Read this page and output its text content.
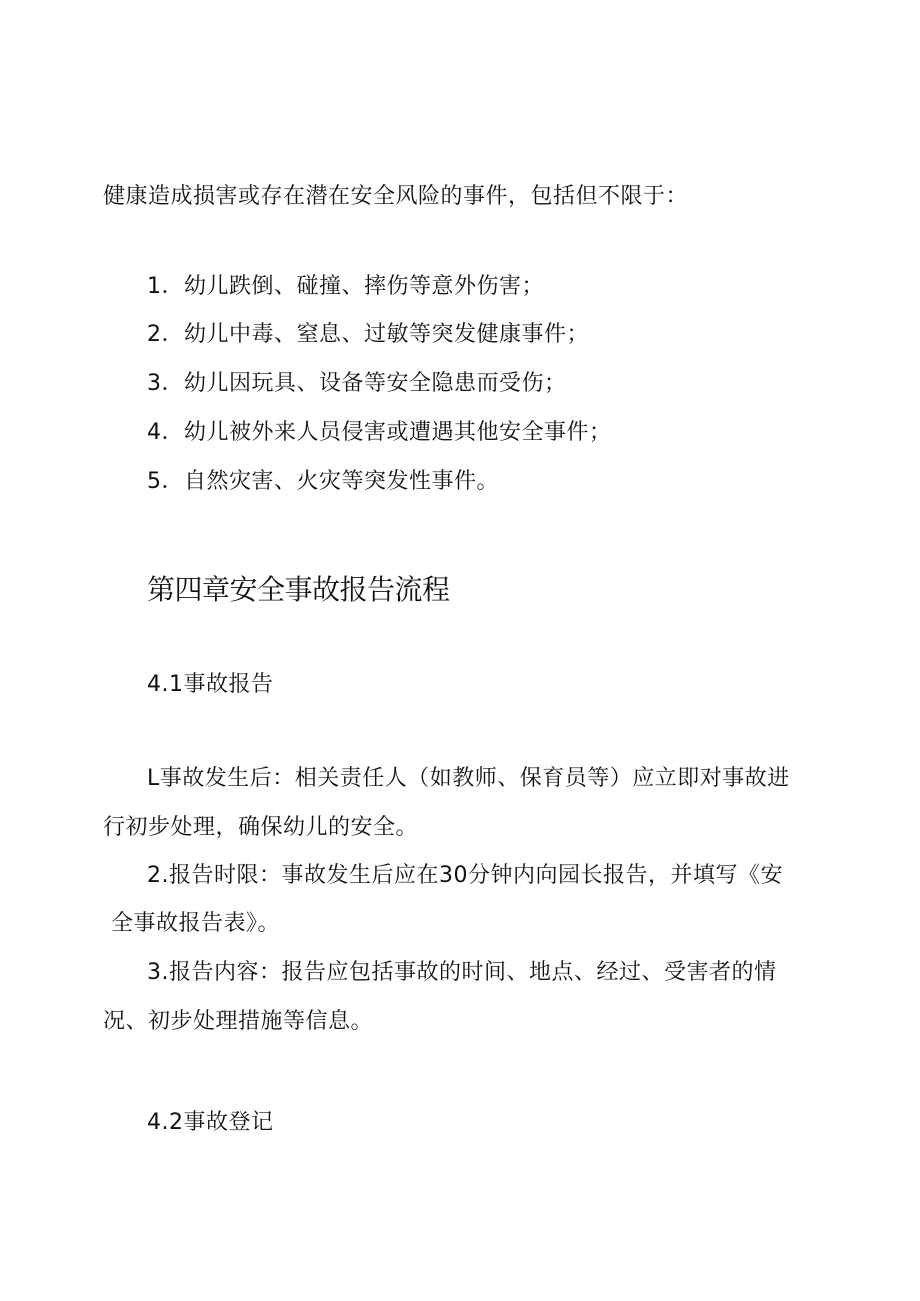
健康造成损害或存在潜在安全风险的事件，包括但不限于：
1．幼儿跌倒、碰撞、摔伤等意外伤害；
2．幼儿中毒、窒息、过敏等突发健康事件；
3．幼儿因玩具、设备等安全隐患而受伤；
4．幼儿被外来人员侵害或遭遇其他安全事件；
5．自然灾害、火灾等突发性事件。
第四章安全事故报告流程
4.1事故报告
L事故发生后：相关责任人（如教师、保育员等）应立即对事故进
行初步处理，确保幼儿的安全。
2.报告时限：事故发生后应在30分钟内向园长报告，并填写《安
全事故报告表》。
3.报告内容：报告应包括事故的时间、地点、经过、受害者的情
况、初步处理措施等信息。
4.2事故登记
